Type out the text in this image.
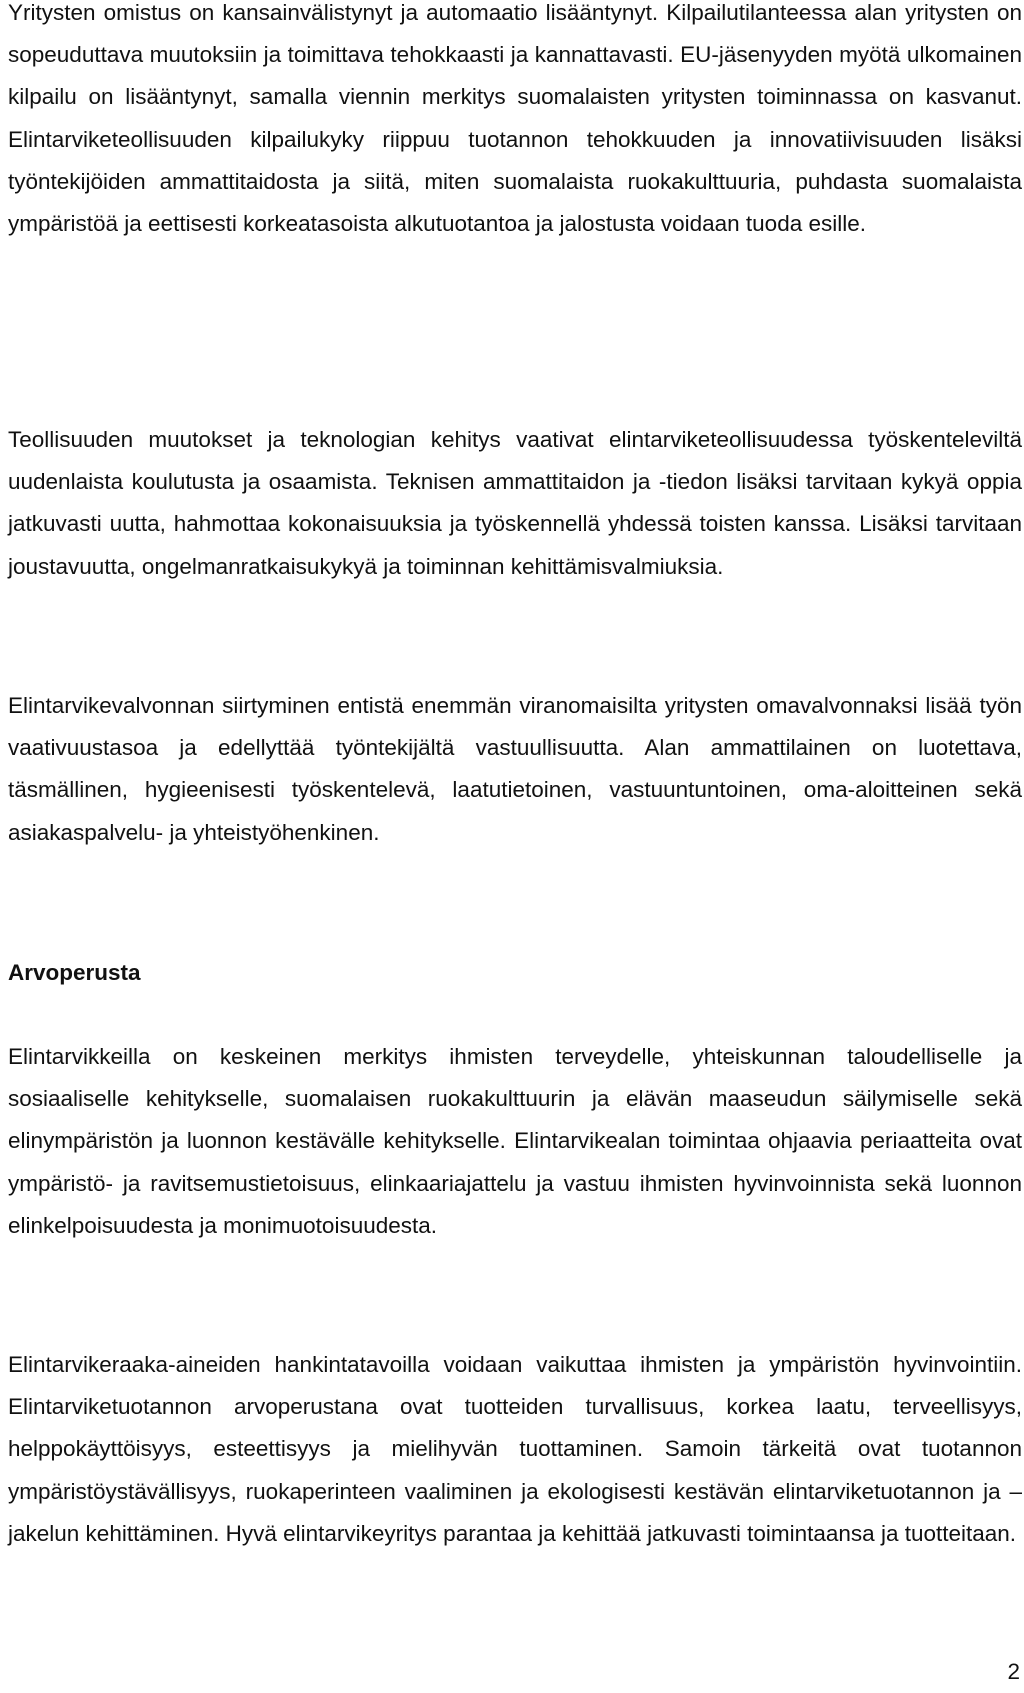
Yritysten omistus on kansainvälistynyt ja automaatio lisääntynyt. Kilpailutilanteessa alan yritysten on sopeuduttava muutoksiin ja toimittava tehokkaasti ja kannattavasti. EU-jäsenyyden myötä ulkomainen kilpailu on lisääntynyt, samalla viennin merkitys suomalaisten yritysten toiminnassa on kasvanut. Elintarviketeollisuuden kilpailukyky riippuu tuotannon tehokkuuden ja innovatiivisuuden lisäksi työntekijöiden ammattitaidosta ja siitä, miten suomalaista ruokakulttuuria, puhdasta suomalaista ympäristöä ja eettisesti korkeatasoista alkutuotantoa ja jalostusta voidaan tuoda esille.

Teollisuuden muutokset ja teknologian kehitys vaativat elintarviketeollisuudessa työskenteleviltä uudenlaista koulutusta ja osaamista. Teknisen ammattitaidon ja -tiedon lisäksi tarvitaan kykyä oppia jatkuvasti uutta, hahmottaa kokonaisuuksia ja työskennellä yhdessä toisten kanssa. Lisäksi tarvitaan joustavuutta, ongelmanratkaisukykyä ja toiminnan kehittämisvalmiuksia.

Elintarvikevalvonnan siirtyminen entistä enemmän viranomaisilta yritysten omavalvonnaksi lisää työn vaativuustasoa ja edellyttää työntekijältä vastuullisuutta. Alan ammattilainen on luotettava, täsmällinen, hygieenisesti työskentelevä, laatutietoinen, vastuuntuntoinen, oma-aloitteinen sekä asiakaspalvelu- ja yhteistyöhenkinen.

Arvoperusta

Elintarvikkeilla on keskeinen merkitys ihmisten terveydelle, yhteiskunnan taloudelliselle ja sosiaaliselle kehitykselle, suomalaisen ruokakulttuurin ja elävän maaseudun säilymiselle sekä elinympäristön ja luonnon kestävälle kehitykselle. Elintarvikealan toimintaa ohjaavia periaatteita ovat ympäristö- ja ravitsemustietoisuus, elinkaariajattelu ja vastuu ihmisten hyvinvoinnista sekä luonnon elinkelpoisuudesta ja monimuotoisuudesta.

Elintarvikeraaka-aineiden hankintatavoilla voidaan vaikuttaa ihmisten ja ympäristön hyvinvointiin. Elintarviketuotannon arvoperustana ovat tuotteiden turvallisuus, korkea laatu, terveellisyys, helppokäyttöisyys, esteettisyys ja mielihyvän tuottaminen. Samoin tärkeitä ovat tuotannon ympäristöystävällisyys, ruokaperinteen vaaliminen ja ekologisesti kestävän elintarviketuotannon ja –jakelun kehittäminen. Hyvä elintarvikeyritys parantaa ja kehittää jatkuvasti toimintaansa ja tuotteitaan.

2
